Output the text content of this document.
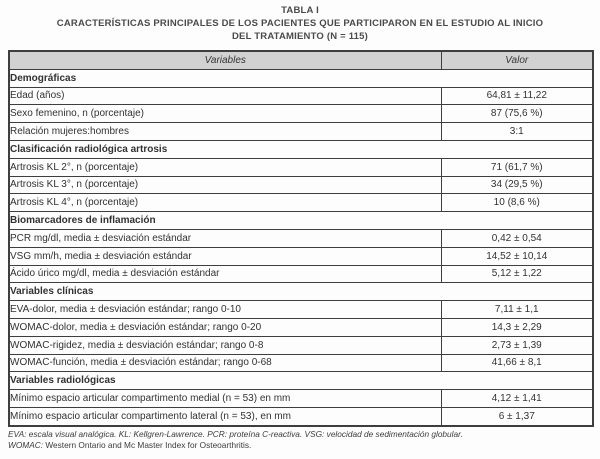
TABLA I
CARACTERÍSTICAS PRINCIPALES DE LOS PACIENTES QUE PARTICIPARON EN EL ESTUDIO AL INICIO
DEL TRATAMIENTO (N = 115)
Variables	Valor
Demográficas	
Edad (años)	64,81 ± 11,22
Sexo femenino, n (porcentaje)	87 (75,6 %)
Relación mujeres:hombres	3:1
Clasificación radiológica artrosis	
Artrosis KL 2°, n (porcentaje)	71 (61,7 %)
Artrosis KL 3°, n (porcentaje)	34 (29,5 %)
Artrosis KL 4°, n (porcentaje)	10 (8,6 %)
Biomarcadores de inflamación	
PCR mg/dl, media ± desviación estándar	0,42 ± 0,54
VSG mm/h, media ± desviación estándar	14,52 ± 10,14
Ácido úrico mg/dl, media ± desviación estándar	5,12 ± 1,22
Variables clínicas	
EVA-dolor, media ± desviación estándar; rango 0-10	7,11 ± 1,1
WOMAC-dolor, media ± desviación estándar; rango 0-20	14,3 ± 2,29
WOMAC-rigidez, media ± desviación estándar; rango 0-8	2,73 ± 1,39
WOMAC-función, media ± desviación estándar; rango 0-68	41,66 ± 8,1
Variables radiológicas	
Mínimo espacio articular compartimento medial (n = 53) en mm	4,12 ± 1,41
Mínimo espacio articular compartimento lateral (n = 53), en mm	6 ± 1,37
EVA: escala visual analógica. KL: Kellgren-Lawrence. PCR: proteína C-reactiva. VSG: velocidad de sedimentación globular.
WOMAC: Western Ontario and Mc Master Index for Osteoarthritis.
